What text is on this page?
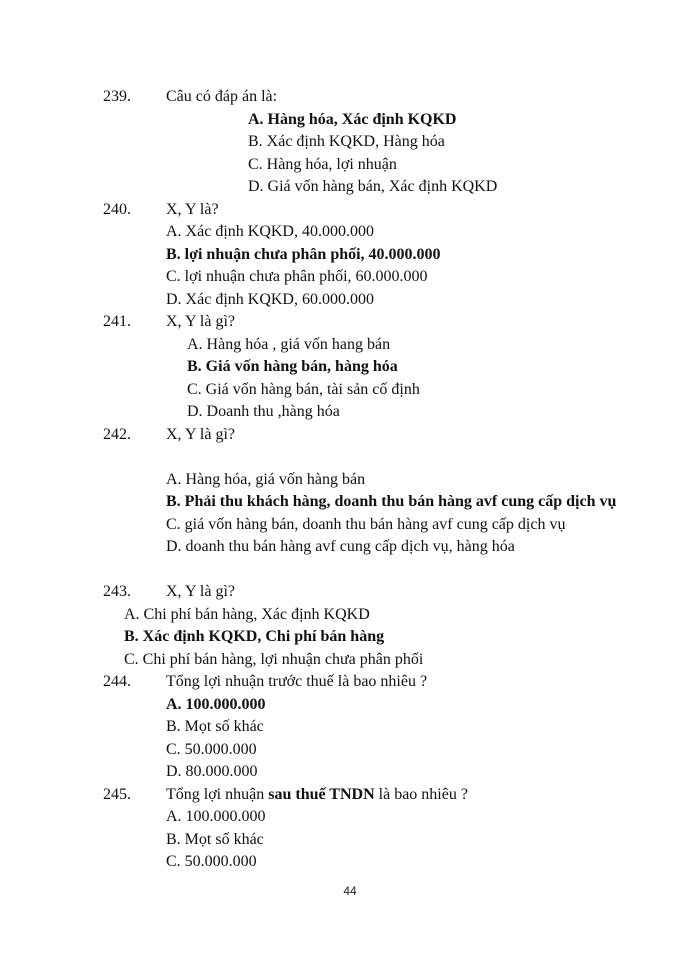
239. Câu có đáp án là:
A. Hàng hóa, Xác định KQKD
B. Xác định KQKD, Hàng hóa
C. Hàng hóa, lợi nhuận
D. Giá vốn hàng bán, Xác định KQKD
240. X, Y là?
A. Xác định KQKD, 40.000.000
B. lợi nhuận chưa phân phối, 40.000.000
C. lợi nhuận chưa phân phối, 60.000.000
D. Xác định KQKD, 60.000.000
241. X, Y là gì?
A. Hàng hóa , giá vốn hang bán
B. Giá vốn hàng bán, hàng hóa
C. Giá vốn hàng bán, tài sản cố định
D. Doanh thu ,hàng hóa
242. X, Y là gì?
A. Hàng hóa, giá vốn hàng bán
B. Phải thu khách hàng, doanh thu bán hàng avf cung cấp dịch vụ
C. giá vốn hàng bán, doanh thu bán hàng avf cung cấp dịch vụ
D. doanh thu bán hàng avf cung cấp dịch vụ, hàng hóa
243. X, Y là gì?
A. Chi phí bán hàng, Xác định KQKD
B. Xác định KQKD, Chi phí bán hàng
C. Chi phí bán hàng, lợi nhuận chưa phân phối
244. Tổng lợi nhuận trước thuế là bao nhiêu ?
A. 100.000.000
B. Mọt số khác
C. 50.000.000
D. 80.000.000
245. Tổng lợi nhuận sau thuế TNDN là bao nhiêu ?
A. 100.000.000
B. Mọt số khác
C. 50.000.000
44
